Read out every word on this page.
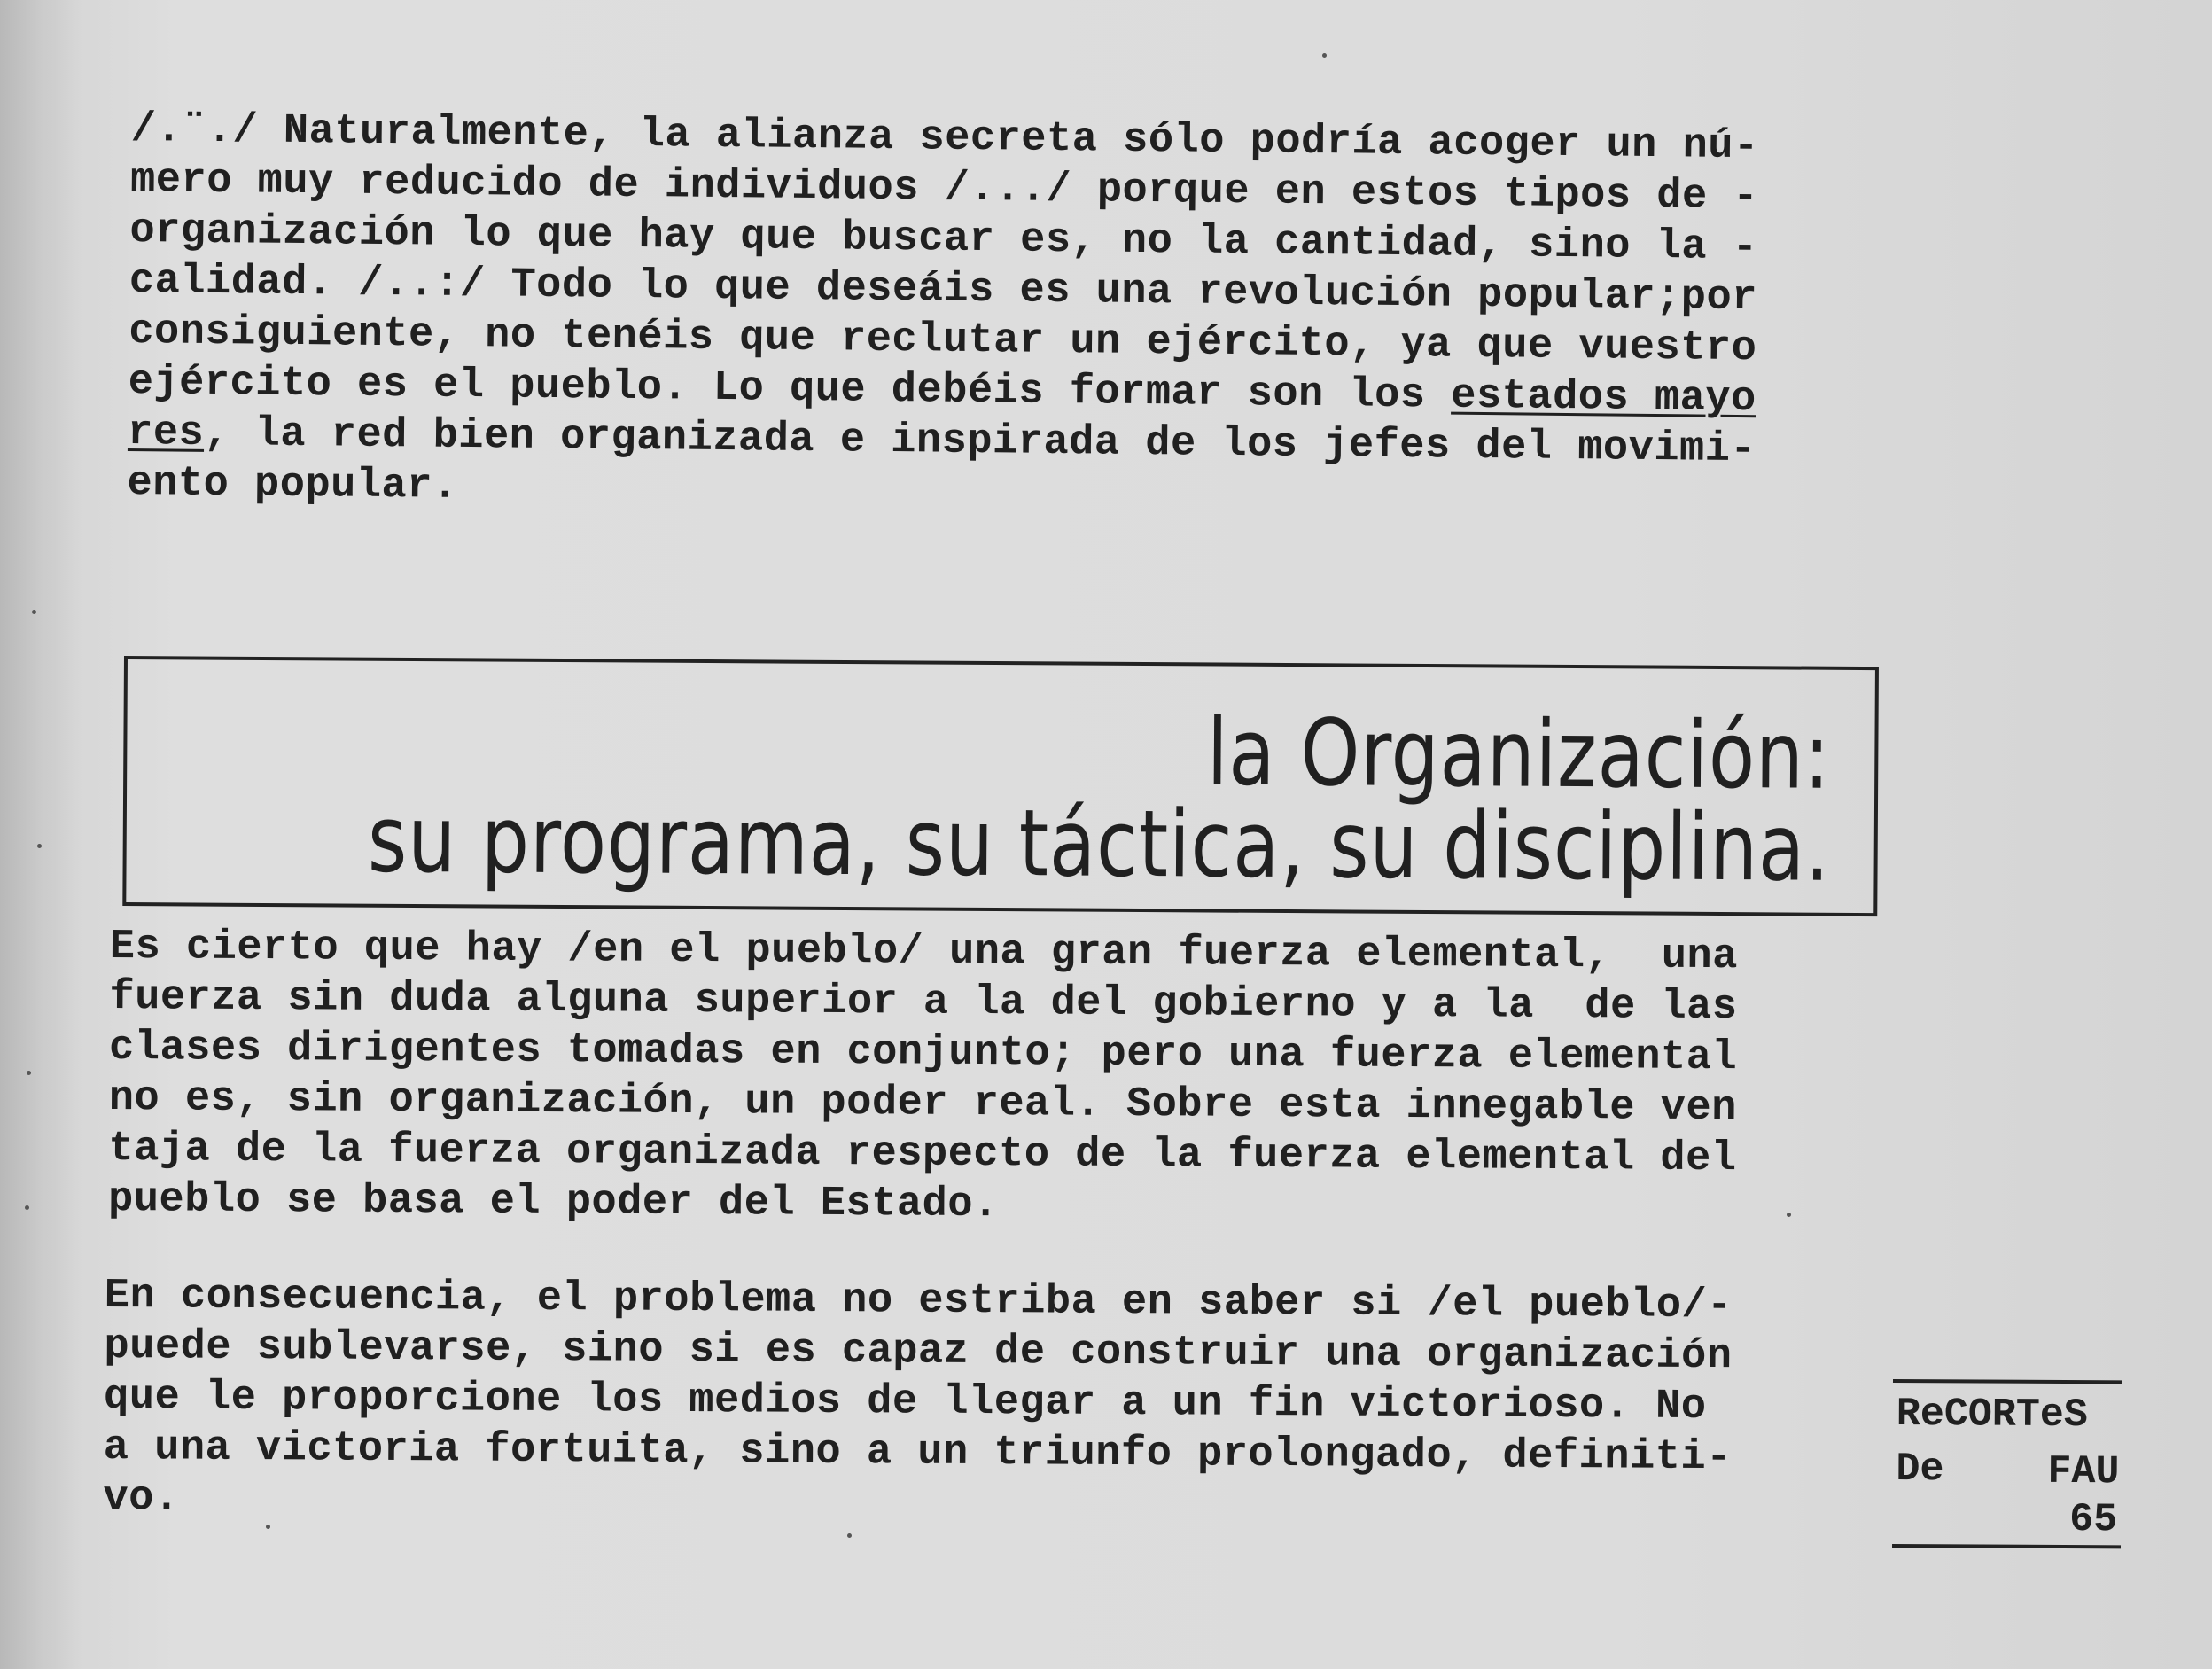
/.¨./ Naturalmente, la alianza secreta sólo podría acoger un nú-
mero muy reducido de individuos /.../ porque en estos tipos de -
organización lo que hay que buscar es, no la cantidad, sino la -
calidad. /..:/ Todo lo que deseáis es una revolución popular;por
consiguiente, no tenéis que reclutar un ejército, ya que vuestro
ejército es el pueblo. Lo que debéis formar son los estados mayo
res, la red bien organizada e inspirada de los jefes del movimi-
ento popular.
la Organización:
su programa, su táctica, su disciplina.
Es cierto que hay /en el pueblo/ una gran fuerza elemental,  una
fuerza sin duda alguna superior a la del gobierno y a la  de las
clases dirigentes tomadas en conjunto; pero una fuerza elemental
no es, sin organización, un poder real. Sobre esta innegable ven
taja de la fuerza organizada respecto de la fuerza elemental del
pueblo se basa el poder del Estado.
En consecuencia, el problema no estriba en saber si /el pueblo/-
puede sublevarse, sino si es capaz de construir una organización
que le proporcione los medios de llegar a un fin victorioso. No
a una victoria fortuita, sino a un triunfo prolongado, definiti-
vo.
ReCORTeS
De	FAU
65
